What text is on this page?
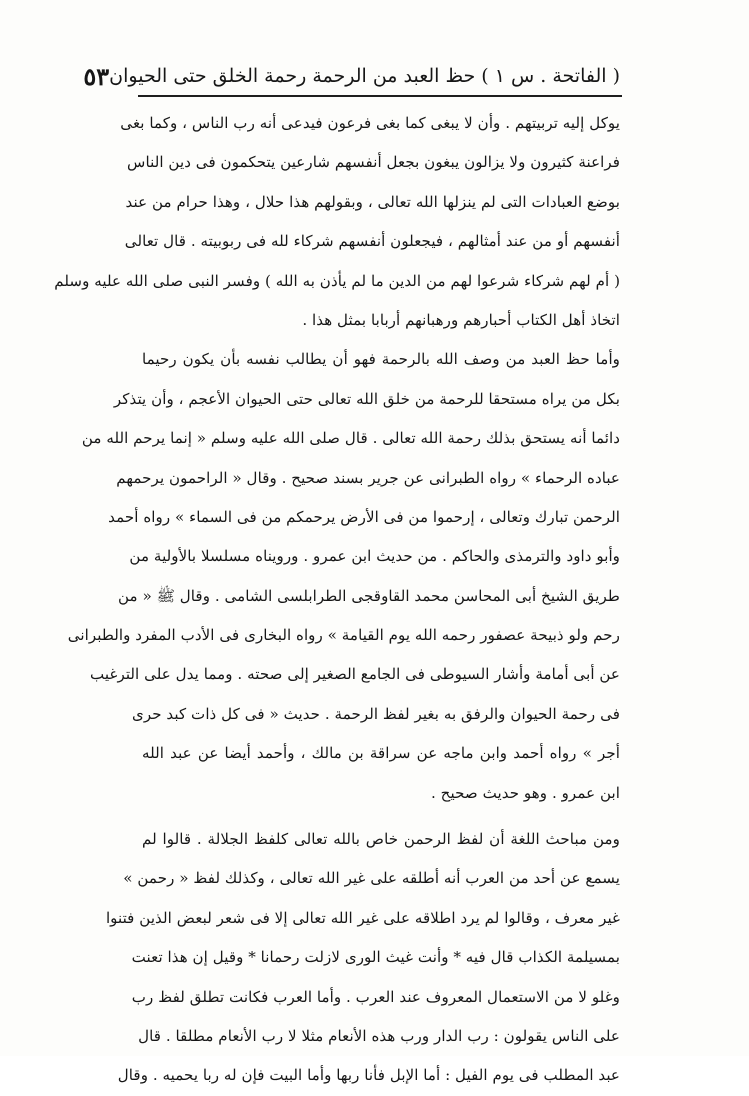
( الفاتحة . س ١ ) حظ العبد من الرحمة رحمة الخلق حتى الحيوان
٥٣
يوكل إليه تربيتهم . وأن لا يبغى كما بغى فرعون فيدعى أنه رب الناس ، وكما بغى
فراعنة كثيرون ولا يزالون يبغون بجعل أنفسهم شارعين يتحكمون فى دين الناس
بوضع العبادات التى لم ينزلها الله تعالى ، وبقولهم هذا حلال ، وهذا حرام من عند
أنفسهم أو من عند أمثالهم ، فيجعلون أنفسهم شركاء لله فى ربوبيته . قال تعالى
( أم لهم شركاء شرعوا لهم من الدين ما لم يأذن به الله ) وفسر النبى صلى الله عليه وسلم
اتخاذ أهل الكتاب أحبارهم ورهبانهم أربابا بمثل هذا .
وأما حظ العبد من وصف الله بالرحمة فهو أن يطالب نفسه بأن يكون رحيما
بكل من يراه مستحقا للرحمة من خلق الله تعالى حتى الحيوان الأعجم ، وأن يتذكر
دائما أنه يستحق بذلك رحمة الله تعالى . قال صلى الله عليه وسلم « إنما يرحم الله من
عباده الرحماء » رواه الطبرانى عن جرير بسند صحيح . وقال « الراحمون يرحمهم
الرحمن تبارك وتعالى ، إرحموا من فى الأرض يرحمكم من فى السماء » رواه أحمد
وأبو داود والترمذى والحاكم . من حديث ابن عمرو . ورويناه مسلسلا بالأولية من
طريق الشيخ أبى المحاسن محمد القاوقجى الطرابلسى الشامى . وقال ﷺ « من
رحم ولو ذبيحة عصفور رحمه الله يوم القيامة » رواه البخارى فى الأدب المفرد والطبرانى
عن أبى أمامة وأشار السيوطى فى الجامع الصغير إلى صحته . ومما يدل على الترغيب
فى رحمة الحيوان والرفق به بغير لفظ الرحمة . حديث « فى كل ذات كبد حرى
أجر » رواه أحمد وابن ماجه عن سراقة بن مالك ، وأحمد أيضا عن عبد الله
ابن عمرو . وهو حديث صحيح .
ومن مباحث اللغة أن لفظ الرحمن خاص بالله تعالى كلفظ الجلالة . قالوا لم
يسمع عن أحد من العرب أنه أطلقه على غير الله تعالى ، وكذلك لفظ « رحمن »
غير معرف ، وقالوا لم يرد اطلاقه على غير الله تعالى إلا فى شعر لبعض الذين فتنوا
بمسيلمة الكذاب قال فيه * وأنت غيث الورى لازلت رحمانا * وقيل إن هذا تعنت
وغلو لا من الاستعمال المعروف عند العرب . وأما العرب فكانت تطلق لفظ رب
على الناس يقولون : رب الدار ورب هذه الأنعام مثلا لا رب الأنعام مطلقا . قال
عبد المطلب فى يوم الفيل : أما الإبل فأنا ربها وأما البيت فإن له ربا يحميه . وقال
